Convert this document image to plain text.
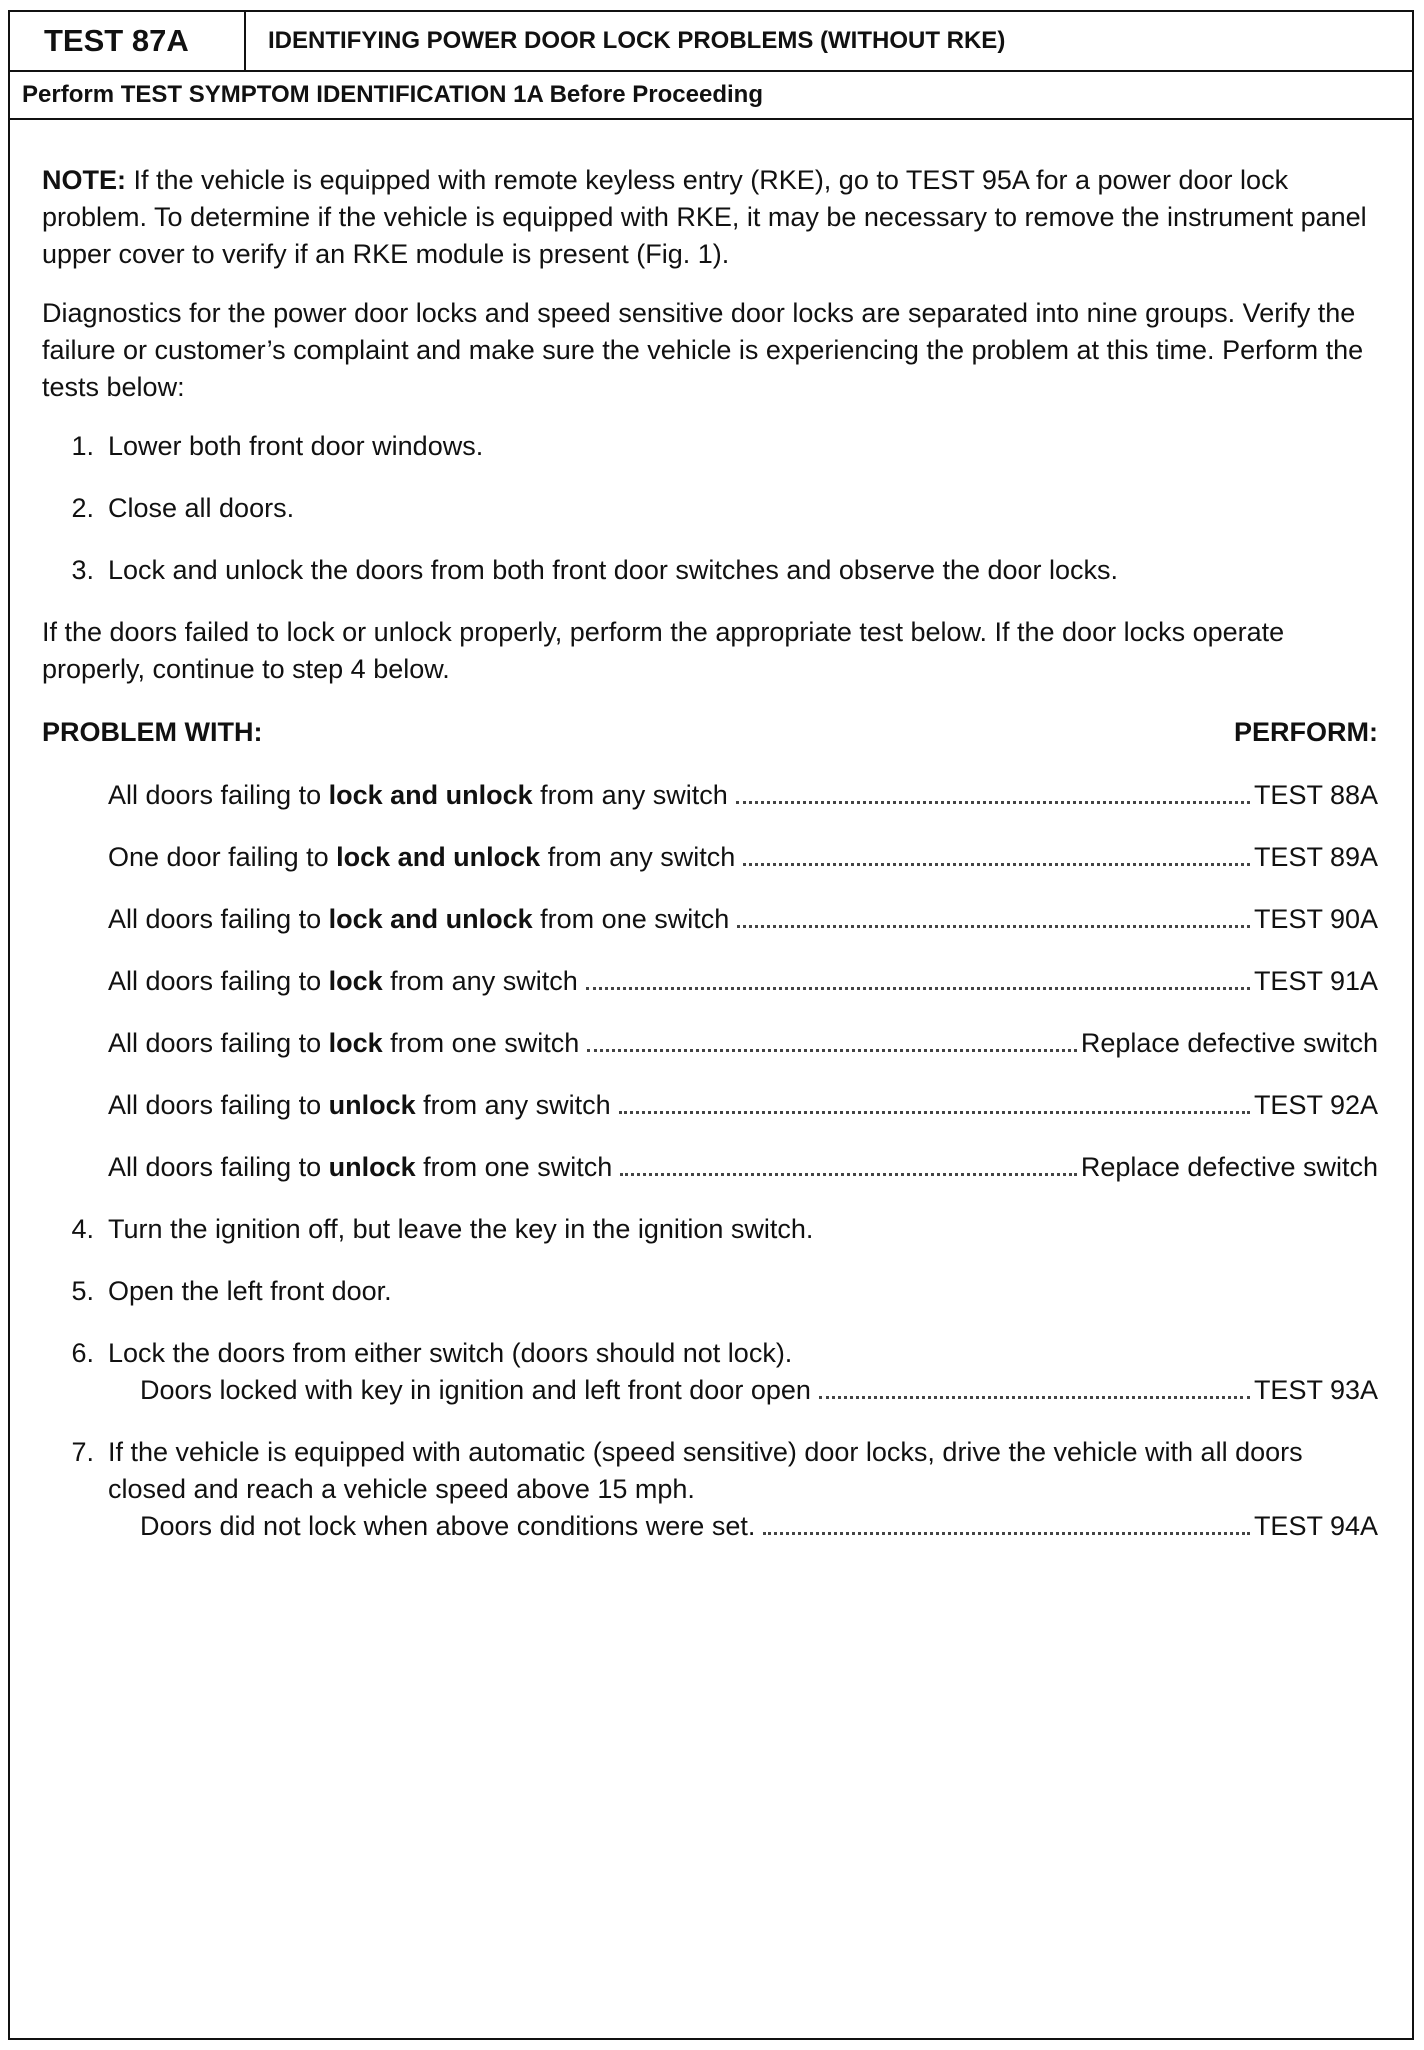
TEST 87A	IDENTIFYING POWER DOOR LOCK PROBLEMS (WITHOUT RKE)
Perform TEST SYMPTOM IDENTIFICATION 1A Before Proceeding

NOTE: If the vehicle is equipped with remote keyless entry (RKE), go to TEST 95A for a power door lock problem. To determine if the vehicle is equipped with RKE, it may be necessary to remove the instrument panel upper cover to verify if an RKE module is present (Fig. 1).

Diagnostics for the power door locks and speed sensitive door locks are separated into nine groups. Verify the failure or customer’s complaint and make sure the vehicle is experiencing the problem at this time. Perform the tests below:

1. Lower both front door windows.
2. Close all doors.
3. Lock and unlock the doors from both front door switches and observe the door locks.

If the doors failed to lock or unlock properly, perform the appropriate test below. If the door locks operate properly, continue to step 4 below.

PROBLEM WITH:	PERFORM:
All doors failing to lock and unlock from any switch	TEST 88A
One door failing to lock and unlock from any switch	TEST 89A
All doors failing to lock and unlock from one switch	TEST 90A
All doors failing to lock from any switch	TEST 91A
All doors failing to lock from one switch	Replace defective switch
All doors failing to unlock from any switch	TEST 92A
All doors failing to unlock from one switch	Replace defective switch
4. Turn the ignition off, but leave the key in the ignition switch.
5. Open the left front door.
6. Lock the doors from either switch (doors should not lock).
Doors locked with key in ignition and left front door open	TEST 93A
7. If the vehicle is equipped with automatic (speed sensitive) door locks, drive the vehicle with all doors closed and reach a vehicle speed above 15 mph.
Doors did not lock when above conditions were set.	TEST 94A
